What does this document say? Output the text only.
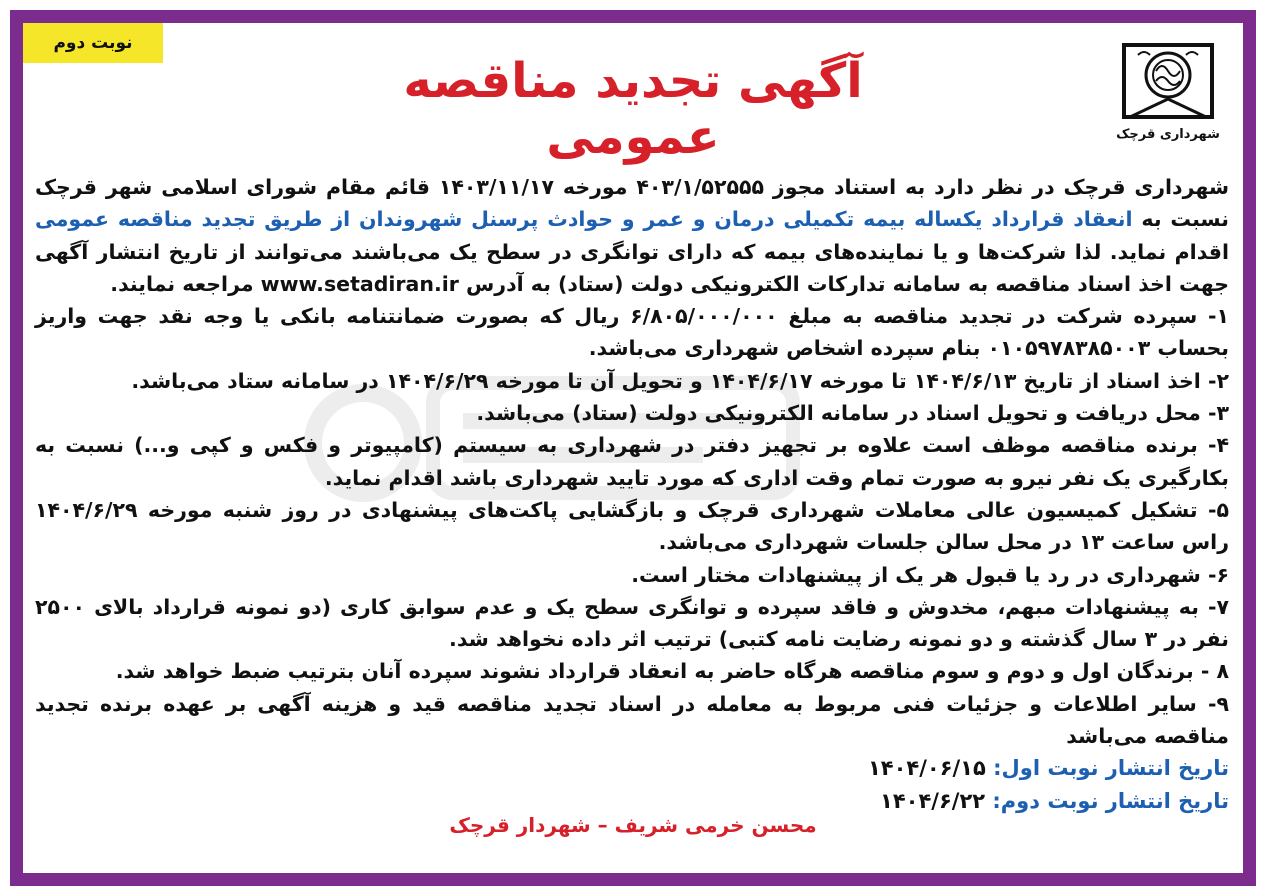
نوبت دوم
آگهی تجدید مناقصه عمومی	شهرداری قرچک

شهرداری قرچک در نظر دارد به استناد مجوز ۴۰۳/۱/۵۲۵۵۵ مورخه ۱۴۰۳/۱۱/۱۷ قائم مقام شورای اسلامی شهر قرچک نسبت به انعقاد قرارداد یکساله بیمه تکمیلی درمان و عمر و حوادث پرسنل شهروندان از طریق تجدید مناقصه عمومی اقدام نماید. لذا شرکت‌ها و یا نمایندەهای بیمه که دارای توانگری در سطح یک می‌باشند می‌توانند از تاریخ انتشار آگهی جهت اخذ اسناد مناقصه به سامانه تدارکات الکترونیکی دولت (ستاد) به آدرس www.setadiran.ir مراجعه نمایند.

۱- سپرده شرکت در تجدید مناقصه به مبلغ ۶/۸۰۵/۰۰۰/۰۰۰ ریال که بصورت ضمانتنامه بانکی یا وجه نقد جهت واریز بحساب ۰۱۰۵۹۷۸۳۸۵۰۰۳ بنام سپرده اشخاص شهرداری می‌باشد.

۲- اخذ اسناد از تاریخ ۱۴۰۴/۶/۱۳ تا مورخه ۱۴۰۴/۶/۱۷ و تحویل آن تا مورخه ۱۴۰۴/۶/۲۹ در سامانه ستاد می‌باشد.

۳- محل دریافت و تحویل اسناد در سامانه الکترونیکی دولت (ستاد) می‌باشد.

۴- برنده مناقصه موظف است علاوه بر تجهیز دفتر در شهرداری به سیستم (کامپیوتر و فکس و کپی و...) نسبت به بکارگیری یک نفر نیرو به صورت تمام وقت اداری که مورد تایید شهرداری باشد اقدام نماید.

۵- تشکیل کمیسیون عالی معاملات شهرداری قرچک و بازگشایی پاکت‌های پیشنهادی در روز شنبه مورخه ۱۴۰۴/۶/۲۹ راس ساعت ۱۳ در محل سالن جلسات شهرداری می‌باشد.

۶- شهرداری در رد یا قبول هر یک از پیشنهادات مختار است.

۷- به پیشنهادات مبهم، مخدوش و فاقد سپرده و توانگری سطح یک و عدم سوابق کاری (دو نمونه قرارداد بالای ۲۵۰۰ نفر در ۳ سال گذشته و دو نمونه رضایت نامه کتبی) ترتیب اثر داده نخواهد شد.

۸ - برندگان اول و دوم و سوم مناقصه هرگاه حاضر به انعقاد قرارداد نشوند سپرده آنان بترتیب ضبط خواهد شد.

۹- سایر اطلاعات و جزئیات فنی مربوط به معامله در اسناد تجدید مناقصه قید و هزینه آگهی بر عهده برنده تجدید مناقصه می‌باشد

تاریخ انتشار نوبت اول: ۱۴۰۴/۰۶/۱۵

تاریخ انتشار نوبت دوم: ۱۴۰۴/۶/۲۲

محسن خرمی شریف – شهردار قرچک
